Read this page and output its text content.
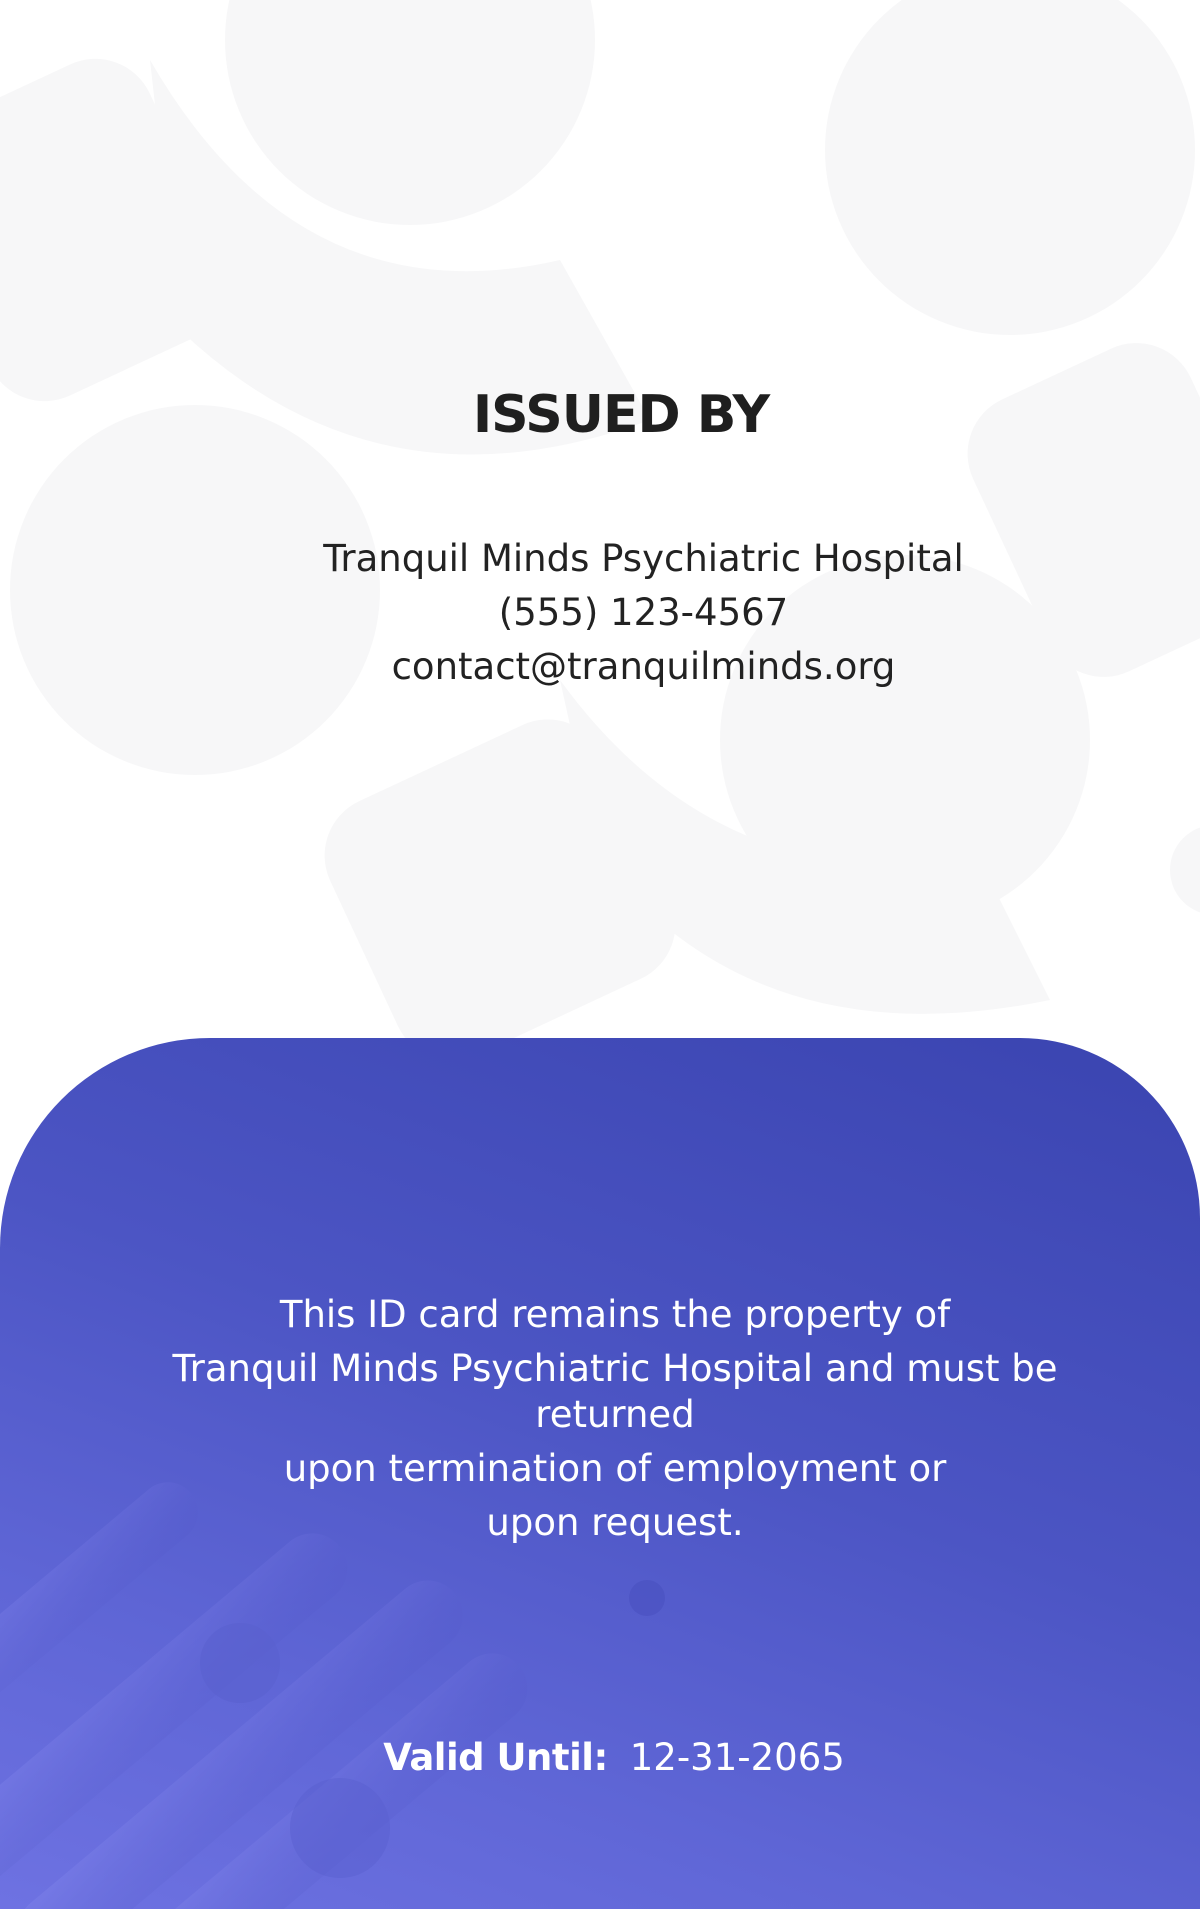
ISSUED BY
Tranquil Minds Psychiatric Hospital
(555) 123-4567
contact@tranquilminds.org
This ID card remains the property of
Tranquil Minds Psychiatric Hospital and must be returned
upon termination of employment or
upon request.
Valid Until: 12-31-2065
